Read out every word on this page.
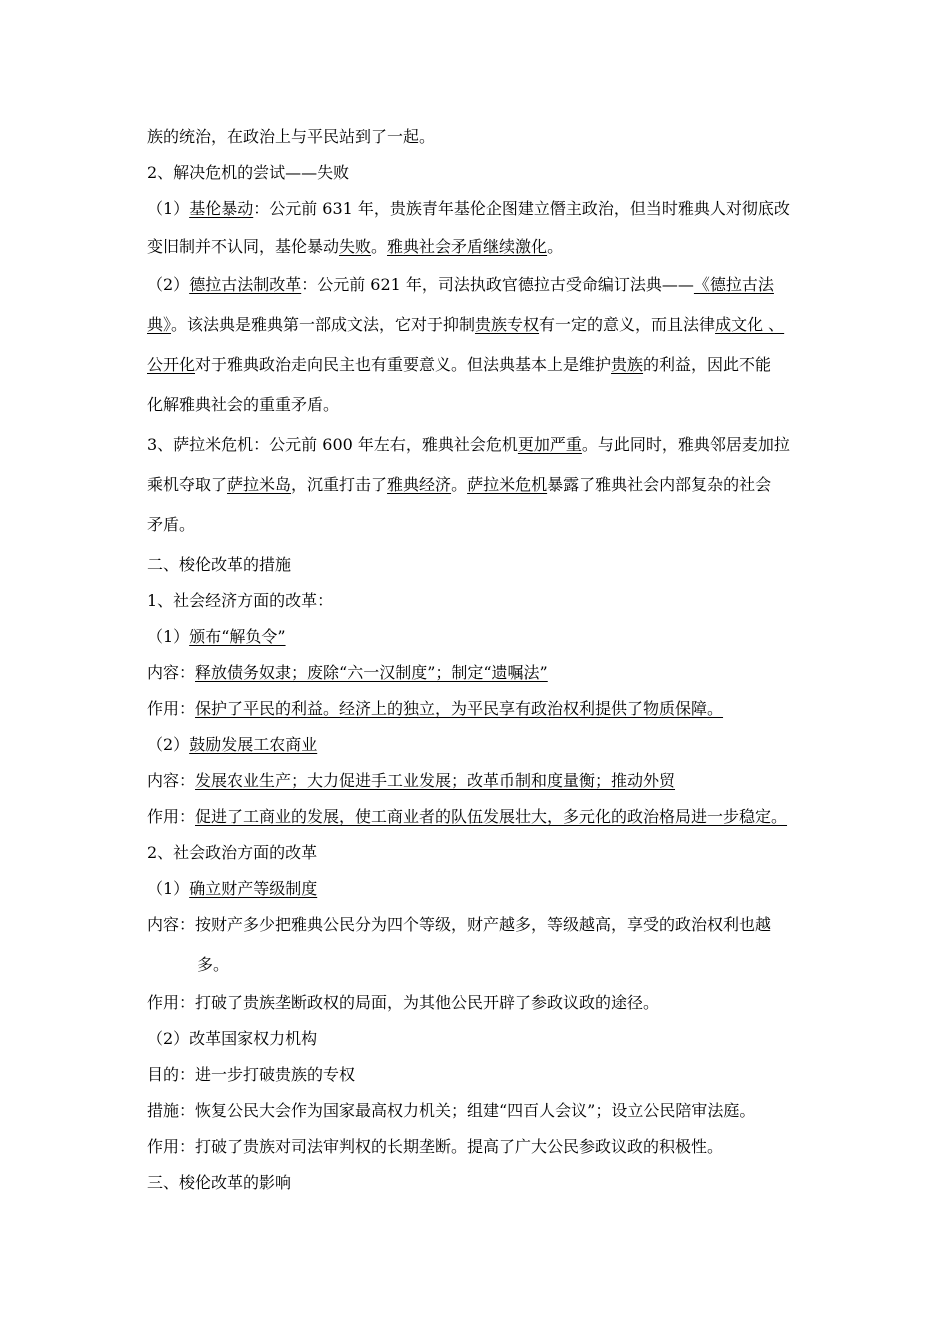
族的统治，在政治上与平民站到了一起。
2、解决危机的尝试——失败
（1）基伦暴动：公元前 631 年，贵族青年基伦企图建立僭主政治，但当时雅典人对彻底改
变旧制并不认同，基伦暴动失败。雅典社会矛盾继续激化。
（2）德拉古法制改革：公元前 621 年，司法执政官德拉古受命编订法典——《德拉古法
典》。该法典是雅典第一部成文法，它对于抑制贵族专权有一定的意义，而且法律成文化 、
公开化对于雅典政治走向民主也有重要意义。但法典基本上是维护贵族的利益，因此不能
化解雅典社会的重重矛盾。
3、萨拉米危机：公元前 600 年左右，雅典社会危机更加严重。与此同时，雅典邻居麦加拉
乘机夺取了萨拉米岛，沉重打击了雅典经济。萨拉米危机暴露了雅典社会内部复杂的社会
矛盾。
二、梭伦改革的措施
1、社会经济方面的改革：
（1）颁布“解负令”
内容：释放债务奴隶；废除“六一汉制度”；制定“遗嘱法”
作用：保护了平民的利益。经济上的独立，为平民享有政治权利提供了物质保障。
（2）鼓励发展工农商业
内容：发展农业生产；大力促进手工业发展；改革币制和度量衡；推动外贸
作用：促进了工商业的发展，使工商业者的队伍发展壮大，多元化的政治格局进一步稳定。
2、社会政治方面的改革
（1）确立财产等级制度
内容：按财产多少把雅典公民分为四个等级，财产越多，等级越高，享受的政治权利也越
多。
作用：打破了贵族垄断政权的局面，为其他公民开辟了参政议政的途径。
（2）改革国家权力机构
目的：进一步打破贵族的专权
措施：恢复公民大会作为国家最高权力机关；组建“四百人会议”；设立公民陪审法庭。
作用：打破了贵族对司法审判权的长期垄断。提高了广大公民参政议政的积极性。
三、梭伦改革的影响
